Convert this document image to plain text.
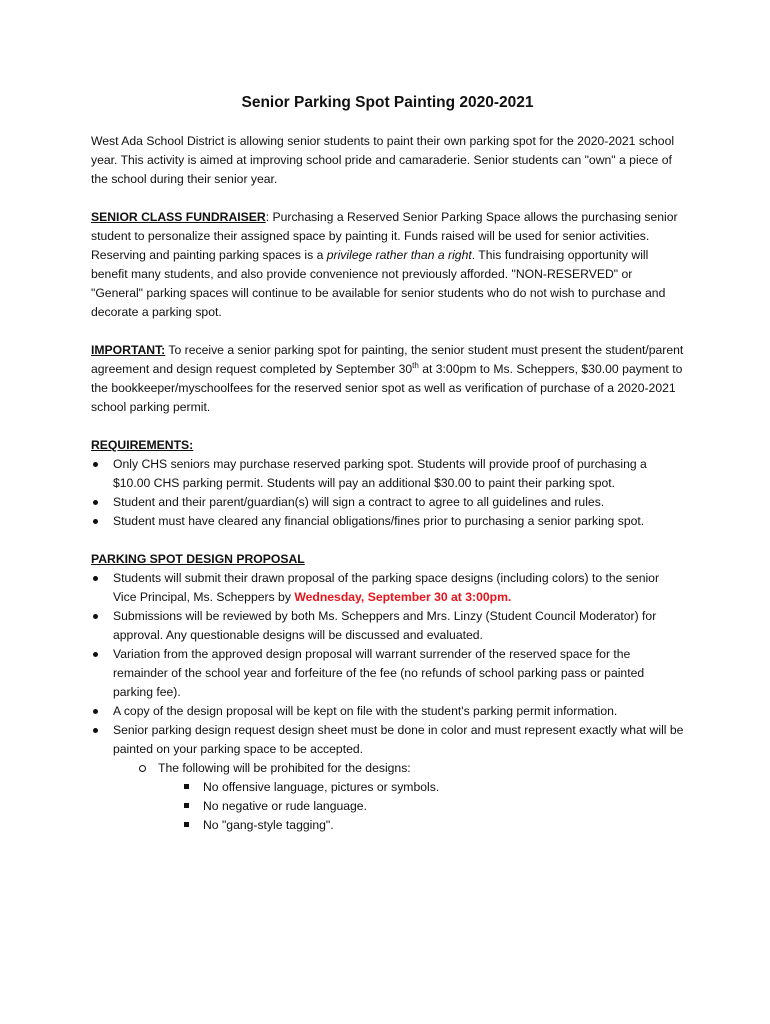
Senior Parking Spot Painting 2020-2021

West Ada School District is allowing senior students to paint their own parking spot for the 2020-2021 school year. This activity is aimed at improving school pride and camaraderie. Senior students can "own" a piece of the school during their senior year.

SENIOR CLASS FUNDRAISER: Purchasing a Reserved Senior Parking Space allows the purchasing senior student to personalize their assigned space by painting it. Funds raised will be used for senior activities. Reserving and painting parking spaces is a privilege rather than a right. This fundraising opportunity will benefit many students, and also provide convenience not previously afforded. "NON-RESERVED" or "General" parking spaces will continue to be available for senior students who do not wish to purchase and decorate a parking spot.

IMPORTANT: To receive a senior parking spot for painting, the senior student must present the student/parent agreement and design request completed by September 30th at 3:00pm to Ms. Scheppers, $30.00 payment to the bookkeeper/myschoolfees for the reserved senior spot as well as verification of purchase of a 2020-2021 school parking permit.

REQUIREMENTS:
Only CHS seniors may purchase reserved parking spot. Students will provide proof of purchasing a $10.00 CHS parking permit. Students will pay an additional $30.00 to paint their parking spot.
Student and their parent/guardian(s) will sign a contract to agree to all guidelines and rules.
Student must have cleared any financial obligations/fines prior to purchasing a senior parking spot.
PARKING SPOT DESIGN PROPOSAL
Students will submit their drawn proposal of the parking space designs (including colors) to the senior Vice Principal, Ms. Scheppers by Wednesday, September 30 at 3:00pm.
Submissions will be reviewed by both Ms. Scheppers and Mrs. Linzy (Student Council Moderator) for approval. Any questionable designs will be discussed and evaluated.
Variation from the approved design proposal will warrant surrender of the reserved space for the remainder of the school year and forfeiture of the fee (no refunds of school parking pass or painted parking fee).
A copy of the design proposal will be kept on file with the student's parking permit information.
Senior parking design request design sheet must be done in color and must represent exactly what will be painted on your parking space to be accepted.
The following will be prohibited for the designs:
No offensive language, pictures or symbols.
No negative or rude language.
No "gang-style tagging".
